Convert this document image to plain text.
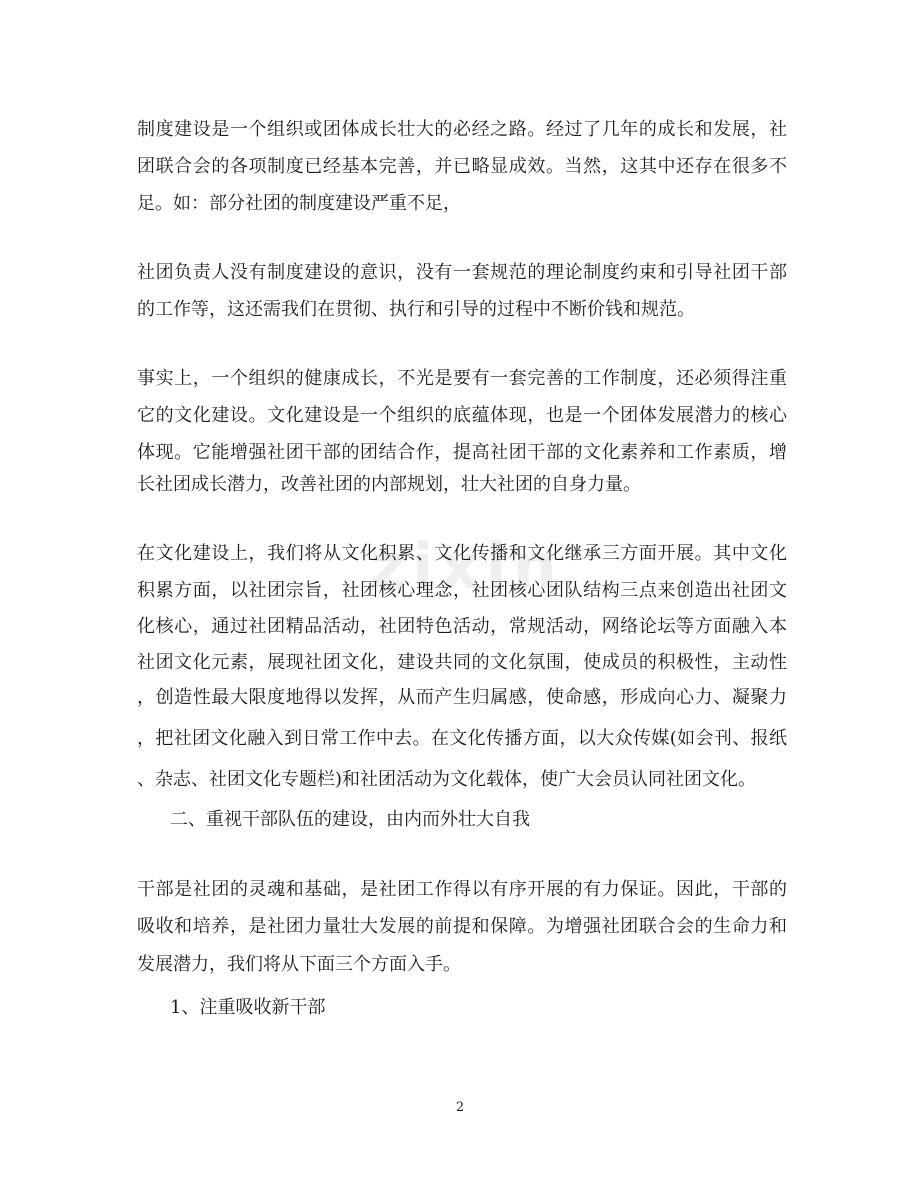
zixin
制度建设是一个组织或团体成长壮大的必经之路。经过了几年的成长和发展，社
团联合会的各项制度已经基本完善，并已略显成效。当然，这其中还存在很多不
足。如：部分社团的制度建设严重不足，
社团负责人没有制度建设的意识，没有一套规范的理论制度约束和引导社团干部
的工作等，这还需我们在贯彻、执行和引导的过程中不断价钱和规范。
事实上，一个组织的健康成长，不光是要有一套完善的工作制度，还必须得注重
它的文化建设。文化建设是一个组织的底蕴体现，也是一个团体发展潜力的核心
体现。它能增强社团干部的团结合作，提高社团干部的文化素养和工作素质，增
长社团成长潜力，改善社团的内部规划，壮大社团的自身力量。
在文化建设上，我们将从文化积累、文化传播和文化继承三方面开展。其中文化
积累方面，以社团宗旨，社团核心理念，社团核心团队结构三点来创造出社团文
化核心，通过社团精品活动，社团特色活动，常规活动，网络论坛等方面融入本
社团文化元素，展现社团文化，建设共同的文化氛围，使成员的积极性，主动性
，创造性最大限度地得以发挥，从而产生归属感，使命感，形成向心力、凝聚力
，把社团文化融入到日常工作中去。在文化传播方面，以大众传媒(如会刊、报纸
、杂志、社团文化专题栏)和社团活动为文化载体，使广大会员认同社团文化。
二、重视干部队伍的建设，由内而外壮大自我
干部是社团的灵魂和基础，是社团工作得以有序开展的有力保证。因此，干部的
吸收和培养，是社团力量壮大发展的前提和保障。为增强社团联合会的生命力和
发展潜力，我们将从下面三个方面入手。
1、注重吸收新干部
2
